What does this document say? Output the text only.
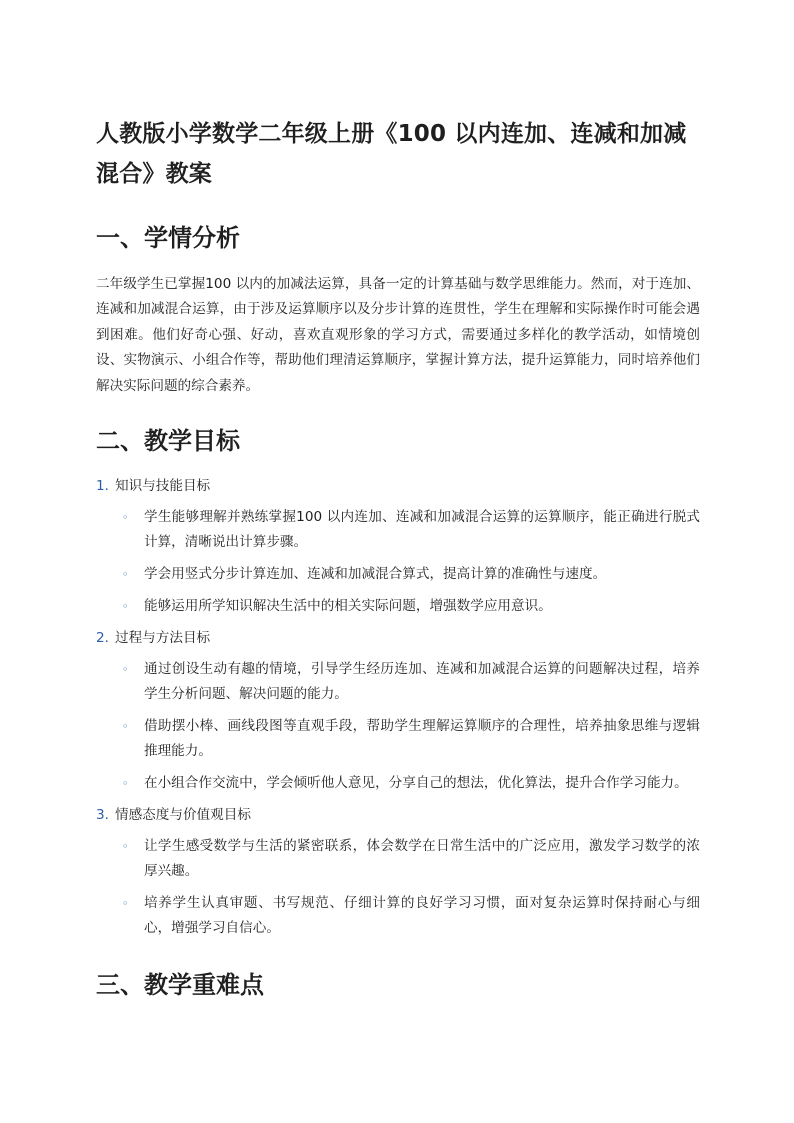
人教版小学数学二年级上册《100 以内连加、连减和加减混合》教案
一、学情分析

二年级学生已掌握100 以内的加减法运算，具备一定的计算基础与数学思维能力。然而，对于连加、连减和加减混合运算，由于涉及运算顺序以及分步计算的连贯性，学生在理解和实际操作时可能会遇到困难。他们好奇心强、好动，喜欢直观形象的学习方式，需要通过多样化的教学活动，如情境创设、实物演示、小组合作等，帮助他们理清运算顺序，掌握计算方法，提升运算能力，同时培养他们解决实际问题的综合素养。

二、教学目标
1. 知识与技能目标
◦	学生能够理解并熟练掌握100 以内连加、连减和加减混合运算的运算顺序，能正确进行脱式计算，清晰说出计算步骤。
◦	学会用竖式分步计算连加、连减和加减混合算式，提高计算的准确性与速度。
◦	能够运用所学知识解决生活中的相关实际问题，增强数学应用意识。
2. 过程与方法目标
◦	通过创设生动有趣的情境，引导学生经历连加、连减和加减混合运算的问题解决过程，培养学生分析问题、解决问题的能力。
◦	借助摆小棒、画线段图等直观手段，帮助学生理解运算顺序的合理性，培养抽象思维与逻辑推理能力。
◦	在小组合作交流中，学会倾听他人意见，分享自己的想法，优化算法，提升合作学习能力。
3. 情感态度与价值观目标
◦	让学生感受数学与生活的紧密联系，体会数学在日常生活中的广泛应用，激发学习数学的浓厚兴趣。
◦	培养学生认真审题、书写规范、仔细计算的良好学习习惯，面对复杂运算时保持耐心与细心，增强学习自信心。
三、教学重难点
